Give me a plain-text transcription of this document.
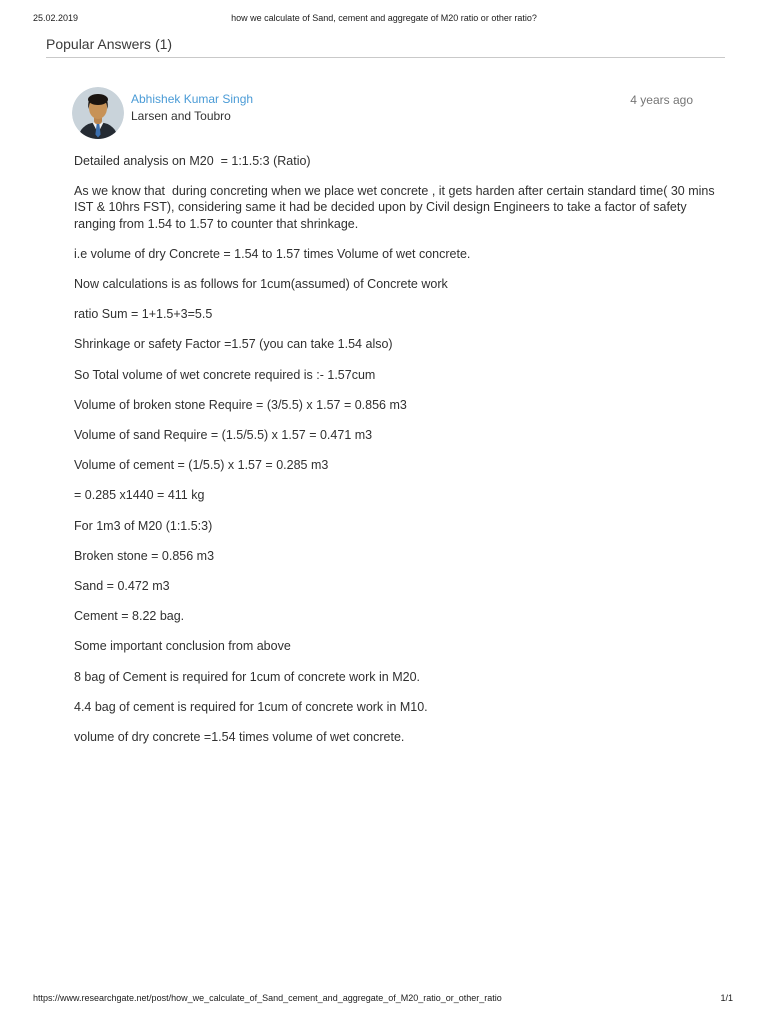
25.02.2019	how we calculate of Sand, cement and aggregate of M20 ratio or other ratio?
Popular Answers (1)
Abhishek Kumar Singh
Larsen and Toubro
4 years ago

Detailed analysis on M20  = 1:1.5:3 (Ratio)

As we know that  during concreting when we place wet concrete , it gets harden after certain standard time( 30 mins IST & 10hrs FST), considering same it had be decided upon by Civil design Engineers to take a factor of safety ranging from 1.54 to 1.57 to counter that shrinkage.

i.e volume of dry Concrete = 1.54 to 1.57 times Volume of wet concrete.

Now calculations is as follows for 1cum(assumed) of Concrete work

ratio Sum = 1+1.5+3=5.5

Shrinkage or safety Factor =1.57 (you can take 1.54 also)

So Total volume of wet concrete required is :- 1.57cum

Volume of broken stone Require = (3/5.5) x 1.57 = 0.856 m3

Volume of sand Require = (1.5/5.5) x 1.57 = 0.471 m3

Volume of cement = (1/5.5) x 1.57 = 0.285 m3

= 0.285 x1440 = 411 kg

For 1m3 of M20 (1:1.5:3)

Broken stone = 0.856 m3

Sand = 0.472 m3

Cement = 8.22 bag.

Some important conclusion from above

8 bag of Cement is required for 1cum of concrete work in M20.

4.4 bag of cement is required for 1cum of concrete work in M10.

volume of dry concrete =1.54 times volume of wet concrete.

https://www.researchgate.net/post/how_we_calculate_of_Sand_cement_and_aggregate_of_M20_ratio_or_other_ratio	1/1
